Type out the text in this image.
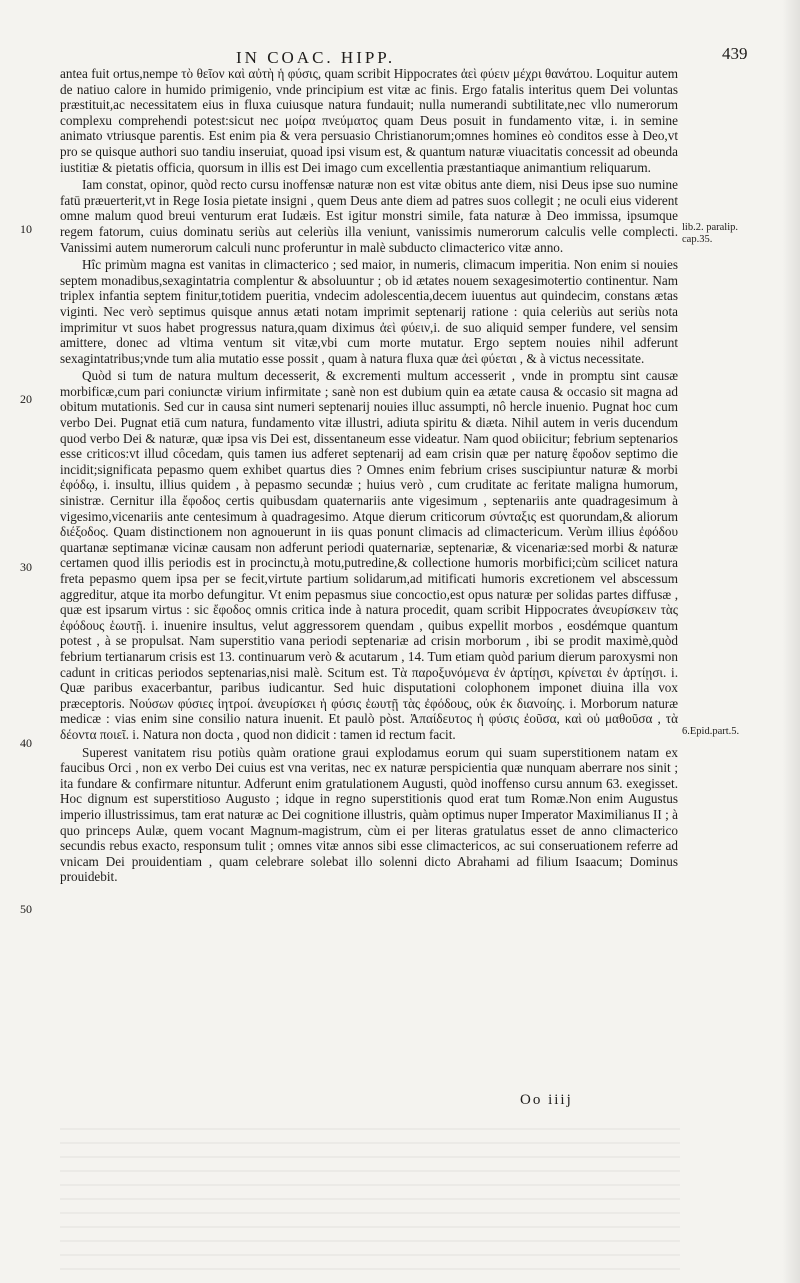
IN COAC. HIPP.	439

antea fuit ortus,nempe τὸ θεῖον καὶ αὐτὴ ἡ φύσις, quam scribit Hippocrates ἀεὶ φύειν μέχρι θανάτου. Loquitur autem de natiuo calore in humido primigenio, vnde principium est vitæ ac finis. Ergo fatalis interitus quem Dei voluntas præstituit,ac necessitatem eius in fluxa cuiusque natura fundauit; nulla numerandi subtilitate,nec vllo numerorum complexu comprehendi potest:sicut nec μοίρα πνεύματος quam Deus posuit in fundamento vitæ, i. in semine animato vtriusque parentis. Est enim pia & vera persuasio Christianorum;omnes homines eò conditos esse à Deo,vt pro se quisque authori suo tandiu inseruiat, quoad ipsi visum est, & quantum naturæ viuacitatis concessit ad obeunda iustitiæ & pietatis officia, quorsum in illis est Dei imago cum excellentia præstantiaque animantium reliquarum.

Iam constat, opinor, quòd recto cursu inoffensæ naturæ non est vitæ obitus ante diem, nisi Deus ipse suo numine fatū præuerterit,vt in Rege Iosia pietate insigni , quem Deus ante diem ad patres suos collegit ; ne oculi eius viderent omne malum quod breui venturum erat Iudæis. Est igitur monstri simile, fata naturæ à Deo immissa, ipsumque regem fatorum, cuius dominatu seriùs aut celeriùs illa veniunt, vanissimis numerorum calculis velle complecti. Vanissimi autem numerorum calculi nunc proferuntur in malè subducto climacterico vitæ anno.

Hîc primùm magna est vanitas in climacterico ; sed maior, in numeris, climacum imperitia. Non enim si nouies septem monadibus,sexagintatria complentur & absoluuntur ; ob id ætates nouem sexagesimotertio continentur. Nam triplex infantia septem finitur,totidem pueritia, vndecim adolescentia,decem iuuentus aut quindecim, constans ætas viginti. Nec verò septimus quisque annus ætati notam imprimit septenarij ratione : quia celeriùs aut seriùs nota imprimitur vt suos habet progressus natura,quam diximus ἀεὶ φύειν,i. de suo aliquid semper fundere, vel sensim amittere, donec ad vltima ventum sit vitæ,vbi cum morte mutatur. Ergo septem nouies nihil adferunt sexagintatribus;vnde tum alia mutatio esse possit , quam à natura fluxa quæ ἀεὶ φύεται , & à victus necessitate.

Quòd si tum de natura multum decesserit, & excrementi multum accesserit , vnde in promptu sint causæ morbificæ,cum pari coniunctæ virium infirmitate ; sanè non est dubium quin ea ætate causa & occasio sit magna ad obitum mutationis. Sed cur in causa sint numeri septenarij nouies illuc assumpti, nô hercle inuenio. Pugnat hoc cum verbo Dei. Pugnat etiā cum natura, fundamento vitæ illustri, adiuta spiritu & diæta. Nihil autem in veris ducendum quod verbo Dei & naturæ, quæ ipsa vis Dei est, dissentaneum esse videatur. Nam quod obiicitur; febrium septenarios esse criticos:vt illud côcedam, quis tamen ius adferet septenarij ad eam crisin quæ per naturę ἔφοδον septimo die incidit;significata pepasmo quem exhibet quartus dies ? Omnes enim febrium crises suscipiuntur naturæ & morbi ἐφόδῳ, i. insultu, illius quidem , à pepasmo secundæ ; huius verò , cum cruditate ac feritate maligna humorum, sinistræ. Cernitur illa ἔφοδος certis quibusdam quaternariis ante vigesimum , septenariis ante quadragesimum à vigesimo,vicenariis ante centesimum à quadragesimo. Atque dierum criticorum σύνταξις est quorundam,& aliorum διέξοδος. Quam distinctionem non agnouerunt in iis quas ponunt climacis ad climactericum. Verùm illius ἐφόδου quartanæ septimanæ vicinæ causam non adferunt periodi quaternariæ, septenariæ, & vicenariæ:sed morbi & naturæ certamen quod illis periodis est in procinctu,à motu,putredine,& collectione humoris morbifici;cùm scilicet natura freta pepasmo quem ipsa per se fecit,virtute partium solidarum,ad mitificati humoris excretionem vel abscessum aggreditur, atque ita morbo defungitur. Vt enim pepasmus siue concoctio,est opus naturæ per solidas partes diffusæ , quæ est ipsarum virtus : sic ἔφοδος omnis critica inde à natura procedit, quam scribit Hippocrates ἀνευρίσκειν τὰς ἐφόδους ἑωυτῇ. i. inuenire insultus, velut aggressorem quendam , quibus expellit morbos , eosdémque quantum potest , à se propulsat. Nam superstitio vana periodi septenariæ ad crisin morborum , ibi se prodit maximè,quòd febrium tertianarum crisis est 13. continuarum verò & acutarum , 14. Tum etiam quòd parium dierum paroxysmi non cadunt in criticas periodos septenarias,nisi malè. Scitum est. Τὰ παροξυνόμενα ἐν ἀρτίῃσι, κρίνεται ἐν ἀρτίῃσι. i. Quæ paribus exacerbantur, paribus iudicantur. Sed huic disputationi colophonem imponet diuina illa vox præceptoris. Νούσων φύσιες ἰητροί. ἀνευρίσκει ἡ φύσις ἑωυτῇ τὰς ἐφόδους, οὐκ ἐκ διανοίης. i. Morborum naturæ medicæ : vias enim sine consilio natura inuenit. Et paulò pòst. Ἀπαίδευτος ἡ φύσις ἐοῦσα, καὶ οὐ μαθοῦσα , τὰ δέοντα ποιεῖ. i. Natura non docta , quod non didicit : tamen id rectum facit.

Superest vanitatem risu potiùs quàm oratione graui explodamus eorum qui suam superstitionem natam ex faucibus Orci , non ex verbo Dei cuius est vna veritas, nec ex naturæ perspicientia quæ nunquam aberrare nos sinit ; ita fundare & confirmare nituntur. Adferunt enim gratulationem Augusti, quòd inoffenso cursu annum 63. exegisset. Hoc dignum est superstitioso Augusto ; idque in regno superstitionis quod erat tum Romæ.Non enim Augustus imperio illustrissimus, tam erat naturæ ac Dei cognitione illustris, quàm optimus nuper Imperator Maximilianus II ; à quo princeps Aulæ, quem vocant Magnum-magistrum, cùm ei per literas gratulatus esset de anno climacterico secundis rebus exacto, responsum tulit ; omnes vitæ annos sibi esse climactericos, ac sui conseruationem referre ad vnicam Dei prouidentiam , quam celebrare solebat illo solenni dicto Abrahami ad filium Isaacum; Dominus prouidebit.

10
20
30
40
50
lib.2. paralip. cap.35.
6.Epid.part.5.
Oo iiij
